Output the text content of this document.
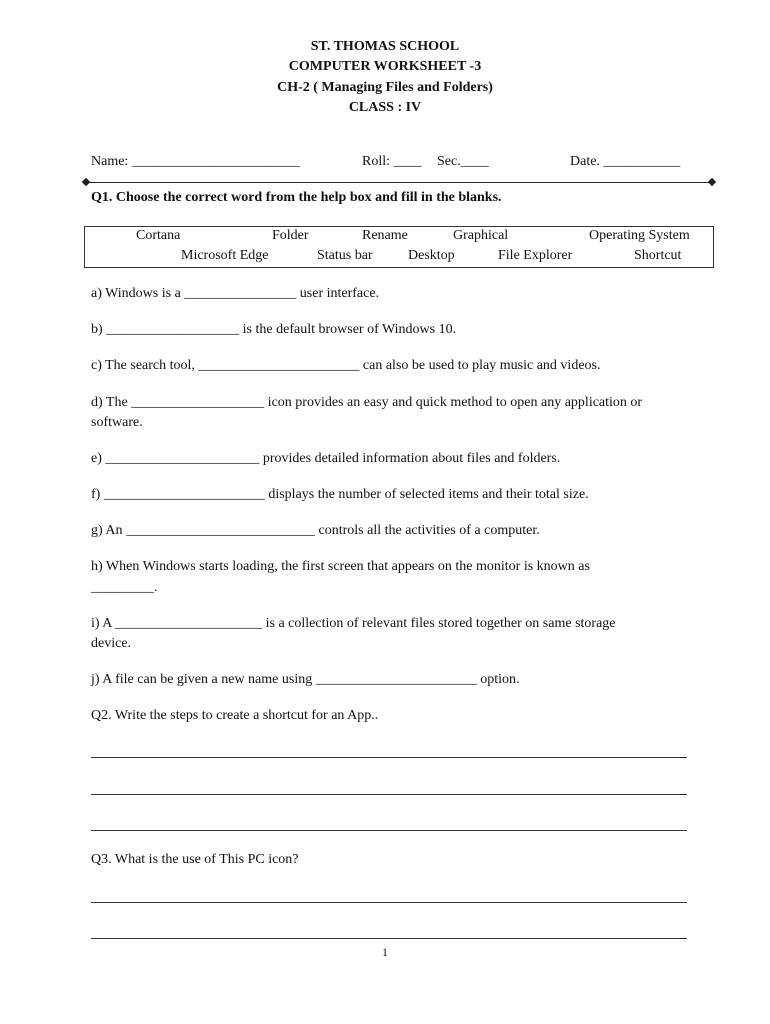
ST. THOMAS SCHOOL
COMPUTER WORKSHEET -3
CH-2 ( Managing Files and Folders)
CLASS : IV
Name: ________________________	Roll: ____ Sec.____	Date. ___________
Q1. Choose the correct word from the help box and fill in the blanks.
Cortana	Folder	Rename	Graphical	Operating System
Microsoft Edge	Status bar	Desktop	File Explorer	Shortcut
a) Windows is a ________________ user interface.
b) ___________________ is the default browser of Windows 10.
c) The search tool, _______________________ can also be used to play music and videos.
d) The ___________________ icon provides an easy and quick method to open any application or
software.
e) ______________________ provides detailed information about files and folders.
f) _______________________ displays the number of selected items and their total size.
g) An ___________________________ controls all the activities of a computer.
h) When Windows starts loading, the first screen that appears on the monitor is known as
_________.
i) A _____________________ is a collection of relevant files stored together on same storage
device.
j) A file can be given a new name using _______________________ option.
Q2. Write the steps to create a shortcut for an App..
Q3. What is the use of This PC icon?
1
